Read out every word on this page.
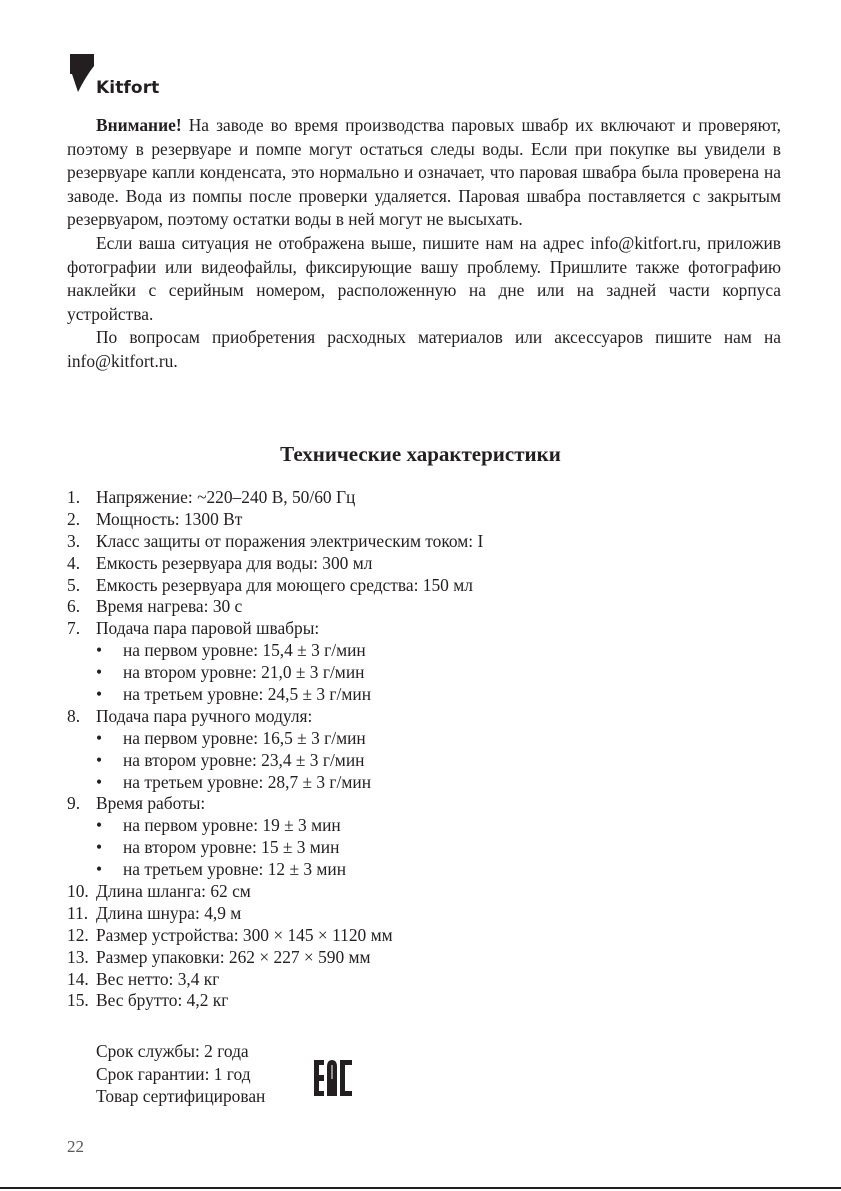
Kitfort

Внимание! На заводе во время производства паровых швабр их включают и проверяют, поэтому в резервуаре и помпе могут остаться следы воды. Если при покупке вы увидели в резервуаре капли конденсата, это нормально и означает, что паровая швабра была проверена на заводе. Вода из помпы после проверки удаляется. Паровая швабра поставляется с закрытым резервуаром, поэтому остатки воды в ней могут не высыхать.

Если ваша ситуация не отображена выше, пишите нам на адрес info@kitfort.ru, приложив фотографии или видеофайлы, фиксирующие вашу проблему. Пришлите также фотографию наклейки с серийным номером, расположенную на дне или на задней части корпуса устройства.

По вопросам приобретения расходных материалов или аксессуаров пишите нам на info@kitfort.ru.

Технические характеристики
1. Напряжение: ~220–240 В, 50/60 Гц
2. Мощность: 1300 Вт
3. Класс защиты от поражения электрическим током: I
4. Емкость резервуара для воды: 300 мл
5. Емкость резервуара для моющего средства: 150 мл
6. Время нагрева: 30 с
7. Подача пара паровой швабры:
• на первом уровне: 15,4 ± 3 г/мин
• на втором уровне: 21,0 ± 3 г/мин
• на третьем уровне: 24,5 ± 3 г/мин
8. Подача пара ручного модуля:
• на первом уровне: 16,5 ± 3 г/мин
• на втором уровне: 23,4 ± 3 г/мин
• на третьем уровне: 28,7 ± 3 г/мин
9. Время работы:
• на первом уровне: 19 ± 3 мин
• на втором уровне: 15 ± 3 мин
• на третьем уровне: 12 ± 3 мин
10. Длина шланга: 62 см
11. Длина шнура: 4,9 м
12. Размер устройства: 300 × 145 × 1120 мм
13. Размер упаковки: 262 × 227 × 590 мм
14. Вес нетто: 3,4 кг
15. Вес брутто: 4,2 кг
Срок службы: 2 года
Срок гарантии: 1 год
Товар сертифицирован
22
